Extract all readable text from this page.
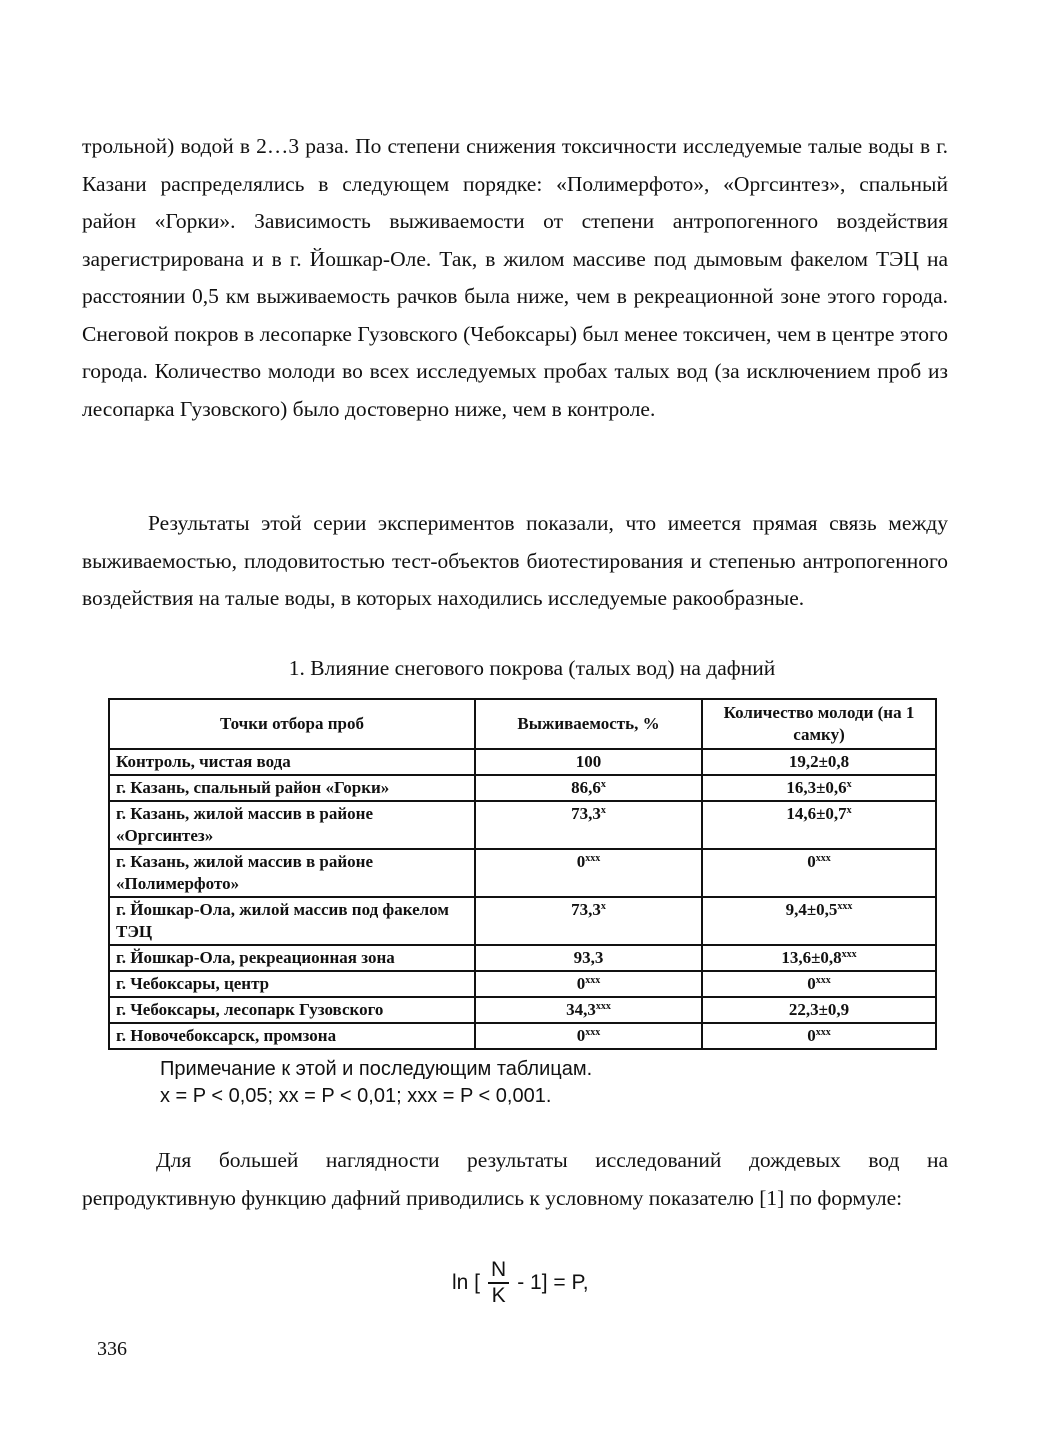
трольной) водой в 2…3 раза. По степени снижения токсичности исследуемые талые воды в г. Казани распределялись в следующем порядке: «Полимерфото», «Оргсинтез», спальный район «Горки». Зависимость выживаемости от степени антропогенного воздействия зарегистрирована и в г. Йошкар-Оле. Так, в жилом массиве под дымовым факелом ТЭЦ на расстоянии 0,5 км выживаемость рачков была ниже, чем в рекреационной зоне этого города. Снеговой покров в лесопарке Гузовского (Чебоксары) был менее токсичен, чем в центре этого города. Количество молоди во всех исследуемых пробах талых вод (за исключением проб из лесопарка Гузовского) было достоверно ниже, чем в контроле.

Результаты этой серии экспериментов показали, что имеется прямая связь между выживаемостью, плодовитостью тест-объектов биотестирования и степенью антропогенного воздействия на талые воды, в которых находились исследуемые ракообразные.

1. Влияние снегового покрова (талых вод) на дафний

Точки отбора проб	Выживаемость, %	Количество молоди (на 1 самку)
Контроль, чистая вода	100	19,2±0,8
г. Казань, спальный район «Горки»	86,6$^x$	$16,3\pm 0,6^x$
г. Казань, жилой массив в районе «Оргсинтез»	73,3$^x$	$14,6\pm 0,7^x$
г. Казань, жилой массив в районе «Полимерфото»	0$^{xxx}$	0$^{xxx}$
г. Йошкар-Ола, жилой массив под факелом ТЭЦ	73,3$^x$	$9,4\pm 0,5^{xxx}$
г. Йошкар-Ола, рекреационная зона	93,3	$13,6\pm 0,8^{xxx}$
г. Чебоксары, центр	0$^{xxx}$	0$^{xxx}$
г. Чебоксары, лесопарк Гузовского	34,3$^{xxx}$	22,3±0,9
г. Новочебоксарск, промзона	0$^{xxx}$	0$^{xxx}$

Примечание к этой и последующим таблицам.

x = P < 0,05; xx = P < 0,01; xxx = P < 0,001.

Для большей наглядности результаты исследований дождевых вод на репродуктивную функцию дафний приводились к условному показателю [1] по формуле:

ln [ $\frac{N}{K} - 1] = P$,

336
